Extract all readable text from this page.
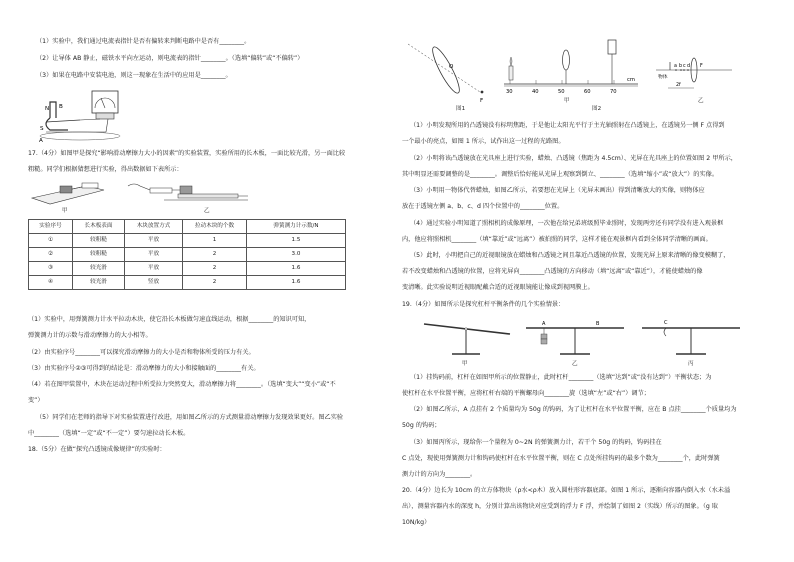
（1）实验中，我们通过电流表指针是否有偏转来判断电路中是否有________。
（2）让导体 AB 静止，磁铁水平向左运动，则电流表的指针________。（选填“偏转”或“不偏转”）
（3）如果在电路中安装电池，则这一现象在生活中的应用是________。
N B
S
A
17.（4分）如图甲是探究“影响滑动摩擦力大小的因素”的实验装置，实验所用的长木板，一面比较光滑，另一面比较
粗糙。同学们根据猜想进行实验，得出数据如下表所示：
甲	乙
实验序号	长木板表面	木块放置方式	拉动木块的个数	弹簧测力计示数/N
①	较粗糙	平放	1	1.5
②	较粗糙	平放	2	3.0
③	较光滑	平放	2	1.6
④	较光滑	竖放	2	1.6
（1）实验中，用弹簧测力计水平拉动木块，使它沿长木板做匀速直线运动，根据________的知识可知，
弹簧测力计的示数与滑动摩擦力的大小相等。
（2）由实验序号________可以探究滑动摩擦力的大小是否和物体所受的压力有关。
（3）由实验序号②③可得到的结论是：滑动摩擦力的大小和接触面的________有关。
（4）若在图甲装置中，木块在运动过程中所受拉力突然变大，滑动摩擦力将________。（选填“变大”“变小”或“不
变”）
（5）同学们在老师的指导下对实验装置进行改进，用如图乙所示的方式测量滑动摩擦力发现效果更好。图乙实验
中________（选填“一定”或“不一定”）要匀速拉动长木板。
18.（5分）在做“探究凸透镜成像规律”的实验时：
F
O
图1
30	40	50	60	70
cm
甲
图2
物体
a b c d F
2f
乙
（1）小明发现所用的凸透镜没有标明焦距，于是他让太阳光平行于主光轴照射在凸透镜上，在透镜另一侧 F 点得到
一个最小的亮点，如图 1 所示，试作出这一过程的光路图。
（2）小明将该凸透镜放在光具座上进行实验，蜡烛、凸透镜（焦距为 4.5cm）、光屏在光具座上的位置如图 2 甲所示，
其中明显还需要调整的是________。调整后恰好能从光屏上观察到倒立、________（选填“缩小”或“放大”）的实像。
（3）小明用一物体代替蜡烛，如图乙所示，若要想在光屏上（光屏未画出）得到清晰放大的实像，则物体应
放在于透镜左侧 a、b、c、d 四个位置中的________位置。
（4）通过实验小明知道了照相机的成像原理，一次他在给兄弟班级照毕业照时，发现两旁还有同学没有进入观景框
内，他应将照相机________（填“靠近”或“远离”）被拍照的同学，这样才能在观景框内看到全体同学清晰的画面。
（5）此时，小明把自己的近视眼镜放在蜡烛和凸透镜之间且靠近凸透镜的位置，发现光屏上原来清晰的像变模糊了，
若不改变蜡烛和凸透镜的位置，应将光屏向________凸透镜的方向移动（填“远离”或“靠近”），才能使蜡烛的像
变清晰。此实验说明近视眼配戴合适的近视眼镜能让像成到视网膜上。
19.（4分）如图所示是探究杠杆平衡条件的几个实验情景：
甲
A	B
乙
C
丙
（1）挂钩码前，杠杆在如图甲所示的位置静止，此时杠杆________（选填“达到”或“没有达到”）平衡状态；为
使杠杆在水平位置平衡，应将杠杆右端的平衡螺母向________旋（选填“左”或“右”）调节；
（2）如图乙所示，A 点挂有 2 个质量均为 50g 的钩码，为了让杠杆在水平位置平衡，应在 B 点挂________个质量均为
50g 的钩码；
（3）如图丙所示，现给你一个量程为 0~2N 的弹簧测力计，若干个 50g 的钩码，钩码挂在
C 点处，现使用弹簧测力计和钩码使杠杆在水平位置平衡，则在 C 点处所挂钩码的最多个数为________个，此时弹簧
测力计的方向为________。
20.（4分）边长为 10cm 的立方体物块（ρ水<ρ木）放入圆柱形容器底部。如图 1 所示，逐渐向容器内倒入水（水未溢
出），测量容器内水的深度 h，分别计算出该物块对应受到的浮力 F 浮，并绘制了如图 2（实线）所示的图象。（g 取
10N/kg）
